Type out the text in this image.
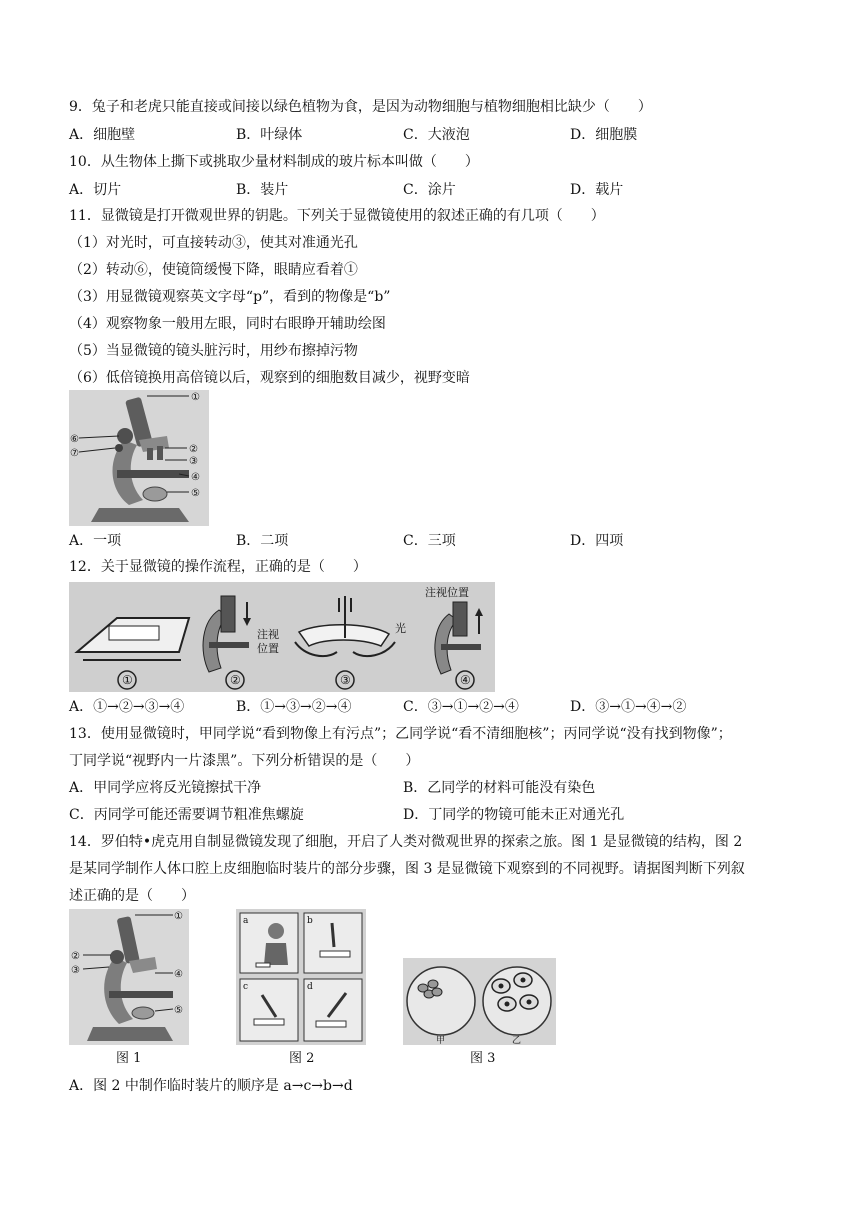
9．兔子和老虎只能直接或间接以绿色植物为食，是因为动物细胞与植物细胞相比缺少（　　）
A．细胞壁	B．叶绿体	C．大液泡	D．细胞膜
10．从生物体上撕下或挑取少量材料制成的玻片标本叫做（　　）
A．切片	B．装片	C．涂片	D．载片
11．显微镜是打开微观世界的钥匙。下列关于显微镜使用的叙述正确的有几项（　　）
（1）对光时，可直接转动③，使其对准通光孔
（2）转动⑥，使镜筒缓慢下降，眼睛应看着①
（3）用显微镜观察英文字母“p”，看到的物像是“b”
（4）观察物象一般用左眼，同时右眼睁开辅助绘图
（5）当显微镜的镜头脏污时，用纱布擦掉污物
（6）低倍镜换用高倍镜以后，观察到的细胞数目减少，视野变暗
①
⑥
⑦	②
③
④
⑤
A．一项	B．二项	C．三项	D．四项
12．关于显微镜的操作流程，正确的是（　　）
①
注视
位置
②
光
③
注视位置
④
A．①→②→③→④	B．①→③→②→④	C．③→①→②→④	D．③→①→④→②
13．使用显微镜时，甲同学说“看到物像上有污点”；乙同学说“看不清细胞核”；丙同学说“没有找到物像”；
丁同学说“视野内一片漆黑”。下列分析错误的是（　　）
A．甲同学应将反光镜擦拭干净	B．乙同学的材料可能没有染色
C．丙同学可能还需要调节粗准焦螺旋	D．丁同学的物镜可能未正对通光孔
14．罗伯特•虎克用自制显微镜发现了细胞，开启了人类对微观世界的探索之旅。图 1 是显微镜的结构，图 2
是某同学制作人体口腔上皮细胞临时装片的部分步骤，图 3 是显微镜下观察到的不同视野。请据图判断下列叙
述正确的是（　　）
①
②
③	④
⑤
a	b
c	d
甲	乙
图 1	图 2	图 3
A．图 2 中制作临时装片的顺序是 a→c→b→d
